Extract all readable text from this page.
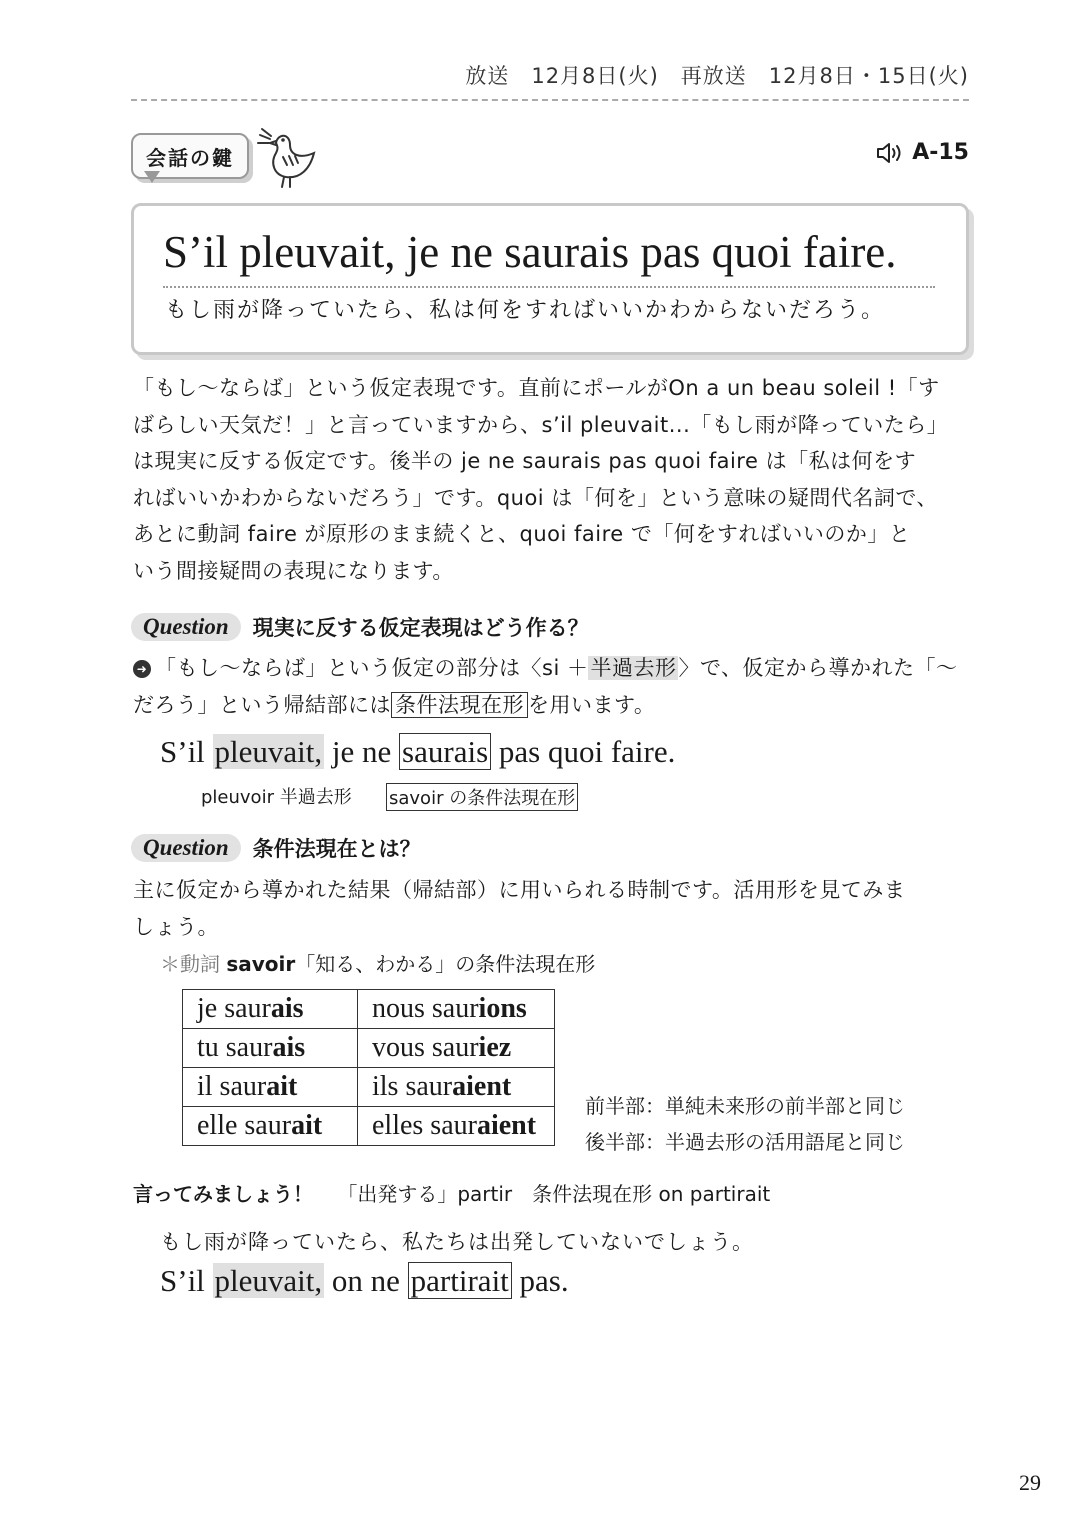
放送　12月8日(火)　再放送　12月8日・15日(火)
会話の鍵	A-15
S’il pleuvait, je ne saurais pas quoi faire.
もし雨が降っていたら、私は何をすればいいかわからないだろう。

「もし～ならば」という仮定表現です。直前にポールがOn a un beau soleil !「す

ばらしい天気だ！」と言っていますから、s’il pleuvait...「もし雨が降っていたら」

は現実に反する仮定です。後半の je ne saurais pas quoi faire は「私は何をす

ればいいかわからないだろう」です。quoi は「何を」という意味の疑問代名詞で、

あとに動詞 faire が原形のまま続くと、quoi faire で「何をすればいいのか」と

いう間接疑問の表現になります。

Question	現実に反する仮定表現はどう作る？

➜ 「もし～ならば」という仮定の部分は〈si ＋半過去形〉で、仮定から導かれた「～

だろう」という帰結部には 条件法現在形 を用います。

S’il pleuvait, je ne saurais pas quoi faire.
pleuvoir 半過去形 savoir の条件法現在形
Question	条件法現在とは？

主に仮定から導かれた結果（帰結部）に用いられる時制です。活用形を見てみま

しょう。

＊動詞 savoir「知る、わかる」の条件法現在形
je saurais	nous saurions
tu saurais	vous sauriez
il saurait	ils sauraient
elle saurait	elles sauraient
前半部：単純未来形の前半部と同じ
後半部：半過去形の活用語尾と同じ
言ってみましょう！ 「出発する」partir　条件法現在形 on partirait
もし雨が降っていたら、私たちは出発していないでしょう。
S’il pleuvait, on ne partirait pas.
29
